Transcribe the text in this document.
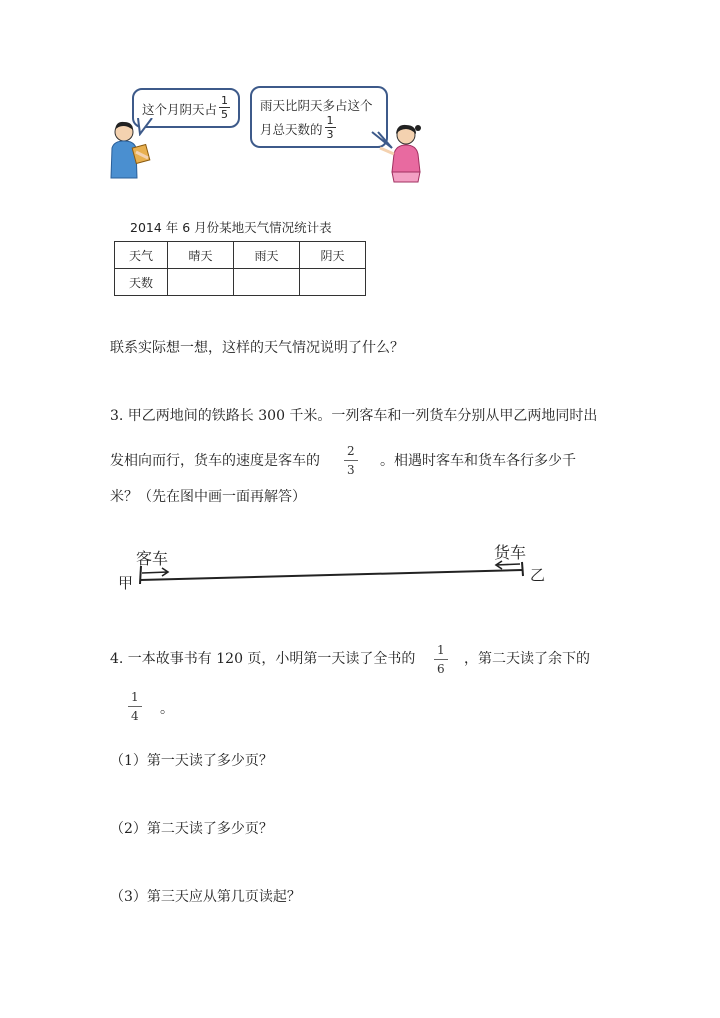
这个月阴天占 $\frac{1}{5}$ 雨天比阴天多占这个
月总天数的 $\frac{1}{3}$
2014 年 6 月份某地天气情况统计表
天气	晴天	雨天	阴天
天数			
联系实际想一想，这样的天气情况说明了什么？
3. 甲乙两地间的铁路长 300 千米。一列客车和一列货车分别从甲乙两地同时出
发相向而行，货车的速度是客车的 $\frac{2}{3}$ 。相遇时客车和货车各行多少千
米？（先在图中画一面再解答）
甲	乙
客车	货车
4. 一本故事书有 120 页，小明第一天读了全书的 $\frac{1}{6}$ ，第二天读了余下的
$\frac{1}{4}$ 。
（1）第一天读了多少页？
（2）第二天读了多少页？
（3）第三天应从第几页读起？
